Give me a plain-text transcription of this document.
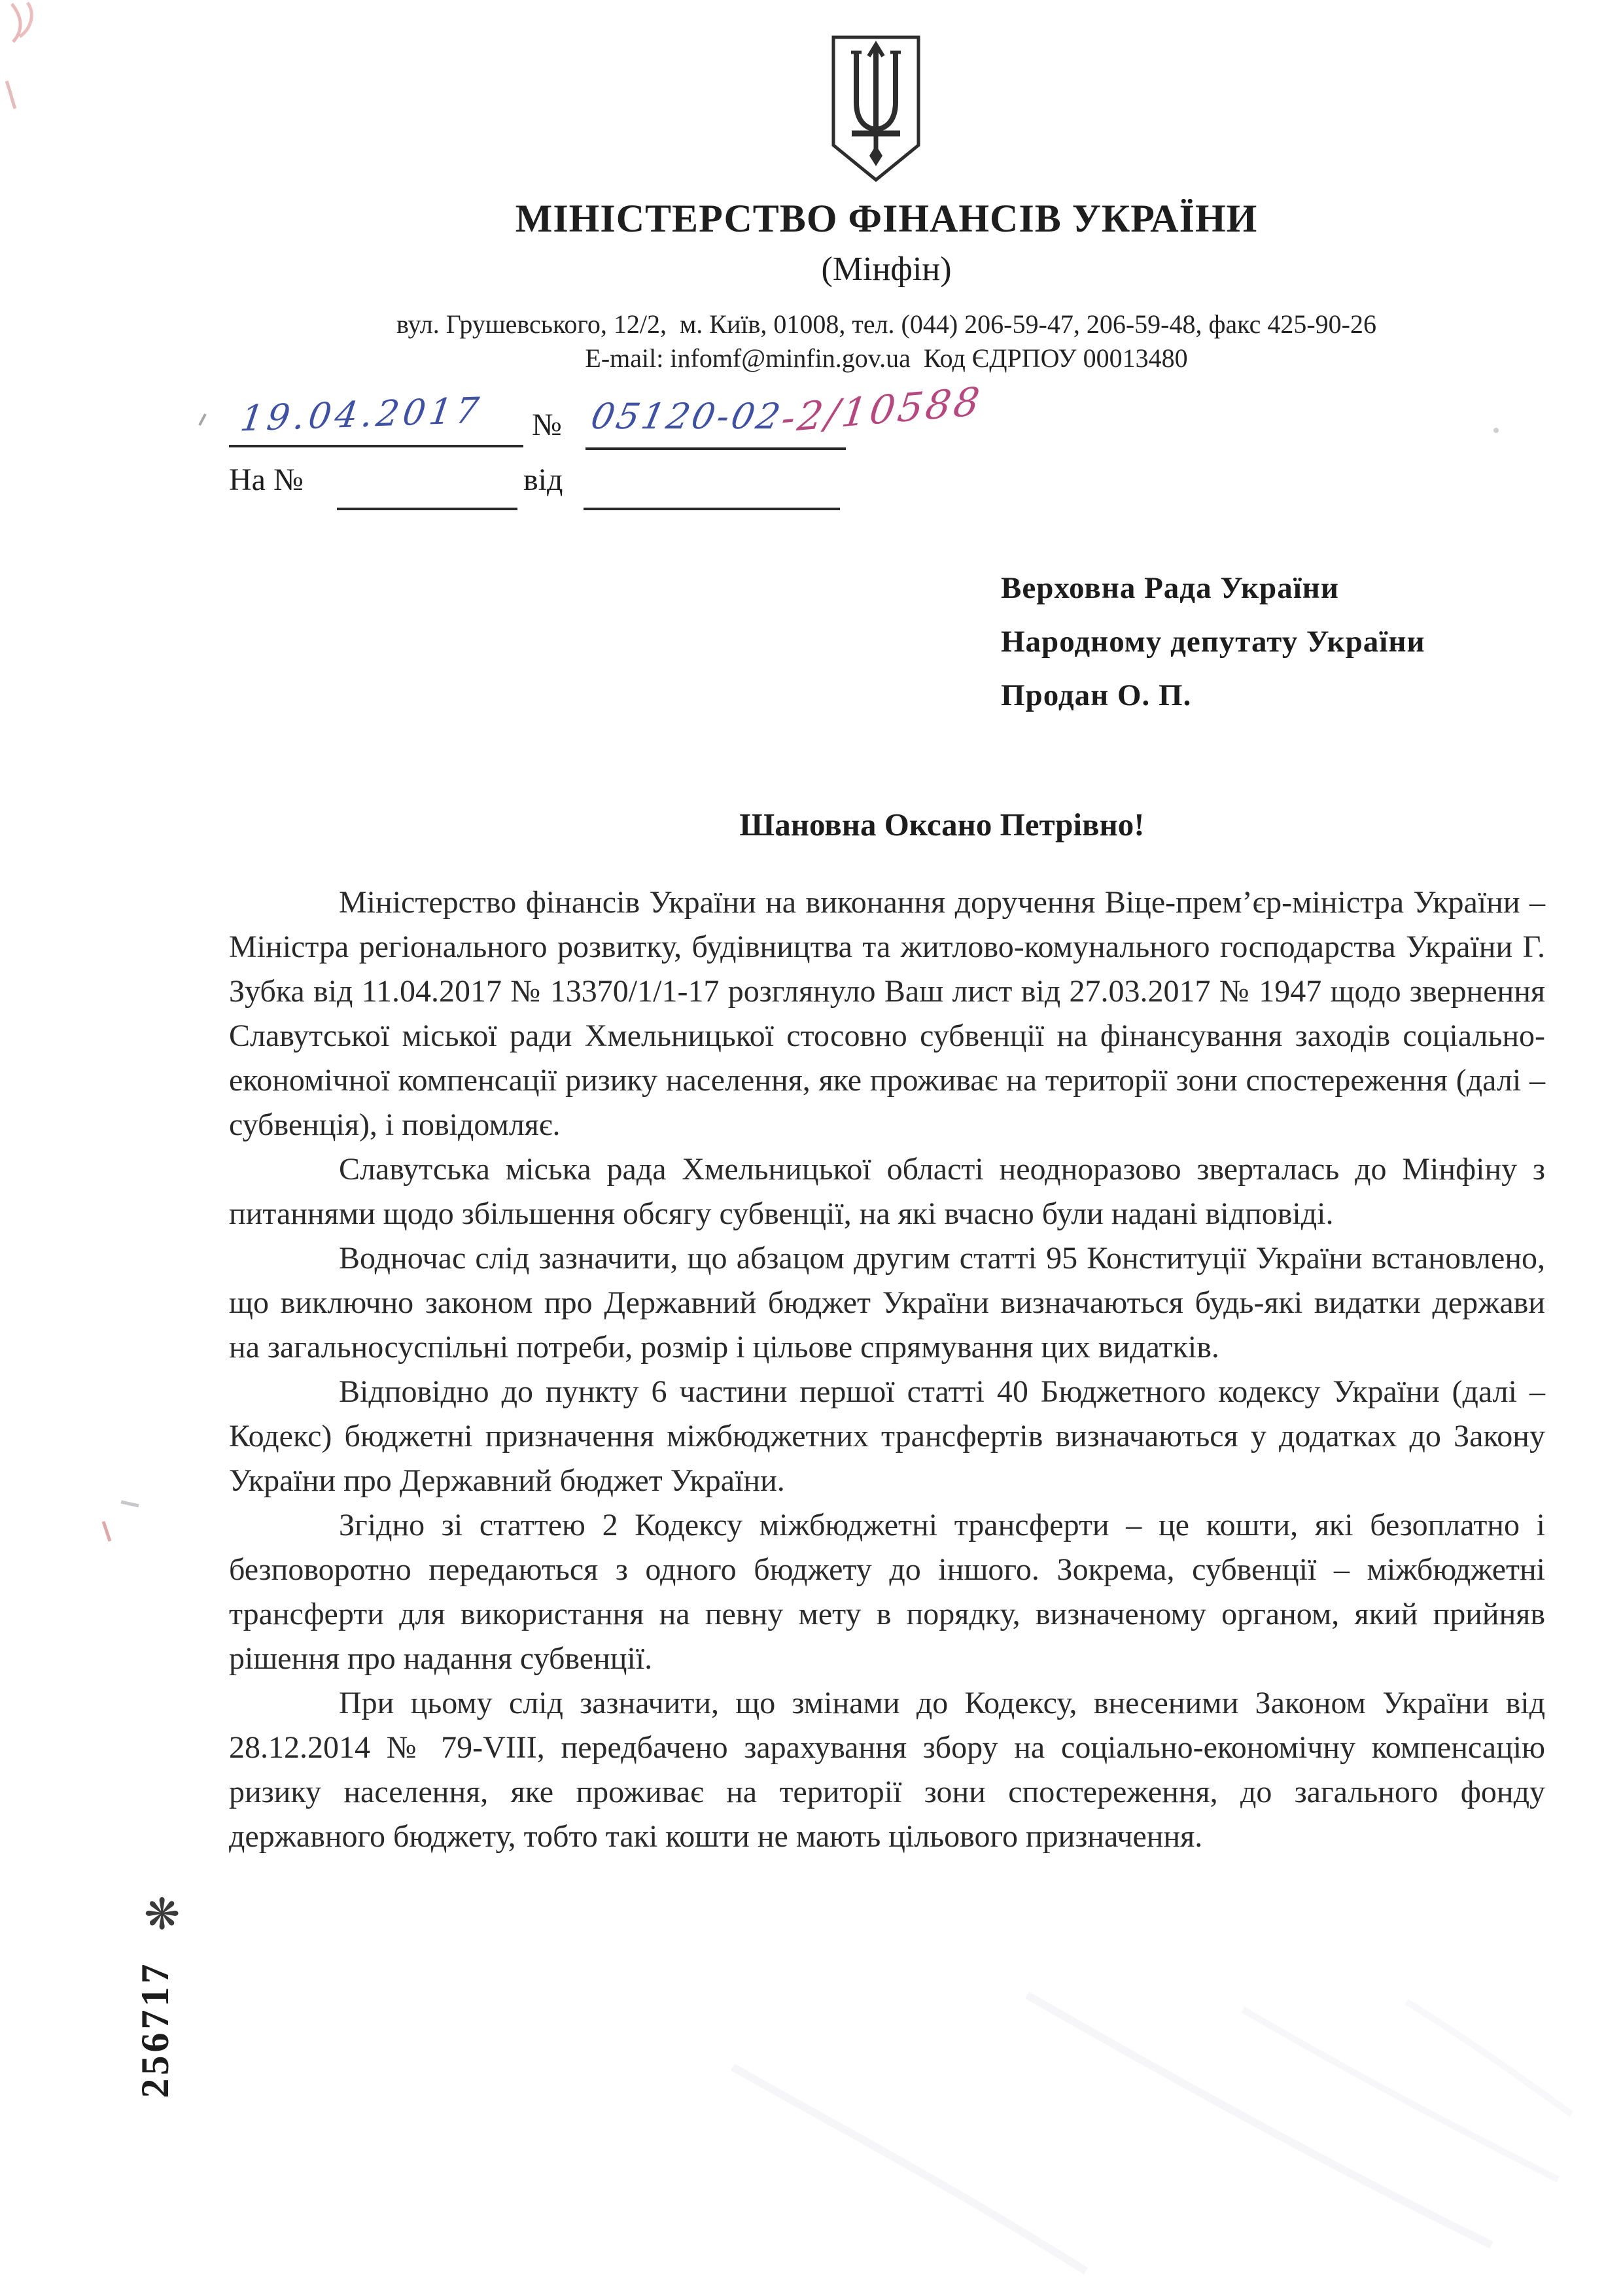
МІНІСТЕРСТВО ФІНАНСІВ УКРАЇНИ
(Мінфін)
вул. Грушевського, 12/2,  м. Київ, 01008, тел. (044) 206-59-47, 206-59-48, факс 425-90-26
E-mail: infomf@minfin.gov.ua  Код ЄДРПОУ 00013480
19.04.2017 № 05120-02-2/10588
На №	від
Верховна Рада України
Народному депутату України
Продан О. П.
Шановна Оксано Петрівно!

Міністерство фінансів України на виконання доручення Віце-прем’єр-міністра України – Міністра регіонального розвитку, будівництва та житлово-комунального господарства України Г. Зубка від 11.04.2017 № 13370/1/1-17 розглянуло Ваш лист від 27.03.2017 № 1947 щодо звернення Славутської міської ради Хмельницької стосовно субвенції на фінансування заходів соціально-економічної компенсації ризику населення, яке проживає на території зони спостереження (далі – субвенція), і повідомляє.

Славутська міська рада Хмельницької області неодноразово зверталась до Мінфіну з питаннями щодо збільшення обсягу субвенції, на які вчасно були надані відповіді.

Водночас слід зазначити, що абзацом другим статті 95 Конституції України встановлено, що виключно законом про Державний бюджет України визначаються будь-які видатки держави на загальносуспільні потреби, розмір і цільове спрямування цих видатків.

Відповідно до пункту 6 частини першої статті 40 Бюджетного кодексу України (далі – Кодекс) бюджетні призначення міжбюджетних трансфертів визначаються у додатках до Закону України про Державний бюджет України.

Згідно зі статтею 2 Кодексу міжбюджетні трансферти – це кошти, які безоплатно і безповоротно передаються з одного бюджету до іншого. Зокрема, субвенції – міжбюджетні трансферти для використання на певну мету в порядку, визначеному органом, який прийняв рішення про надання субвенції.

При цьому слід зазначити, що змінами до Кодексу, внесеними Законом України від 28.12.2014 № 79-VIII, передбачено зарахування збору на соціально-економічну компенсацію ризику населення, яке проживає на території зони спостереження, до загального фонду державного бюджету, тобто такі кошти не мають цільового призначення.

❋
256717
